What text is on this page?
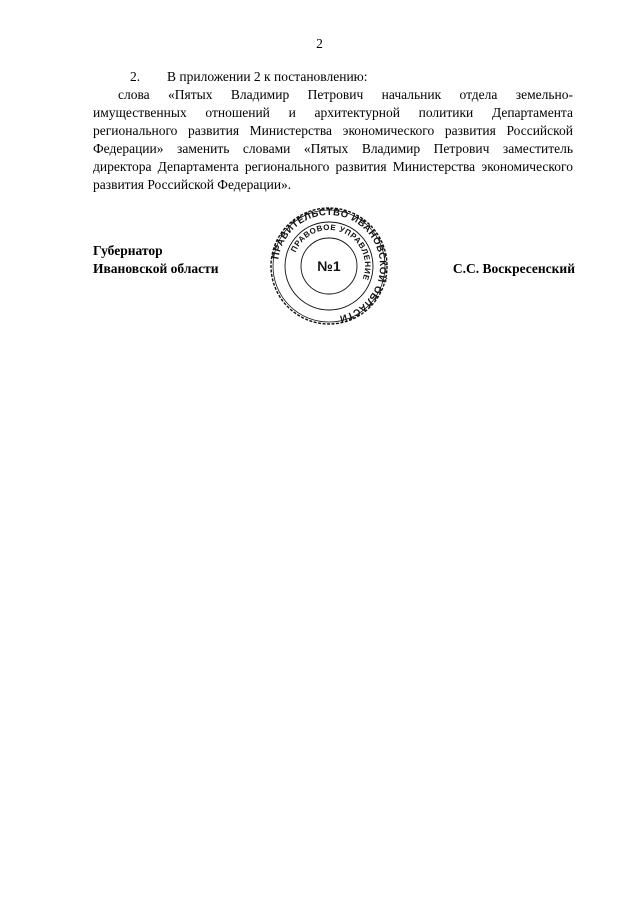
2
2. В приложении 2 к постановлению:
слова «Пятых Владимир Петрович начальник отдела земельно-имущественных отношений и архитектурной политики Департамента регионального развития Министерства экономического развития Российской Федерации» заменить словами «Пятых Владимир Петрович заместитель директора Департамента регионального развития Министерства экономического развития Российской Федерации».
Губернатор
Ивановской области	С.С. Воскресенский
ПРАВИТЕЛЬСТВО ИВАНОВСКОЙ ОБЛАСТИ
ПРАВОВОЕ УПРАВЛЕНИЕ
№1
